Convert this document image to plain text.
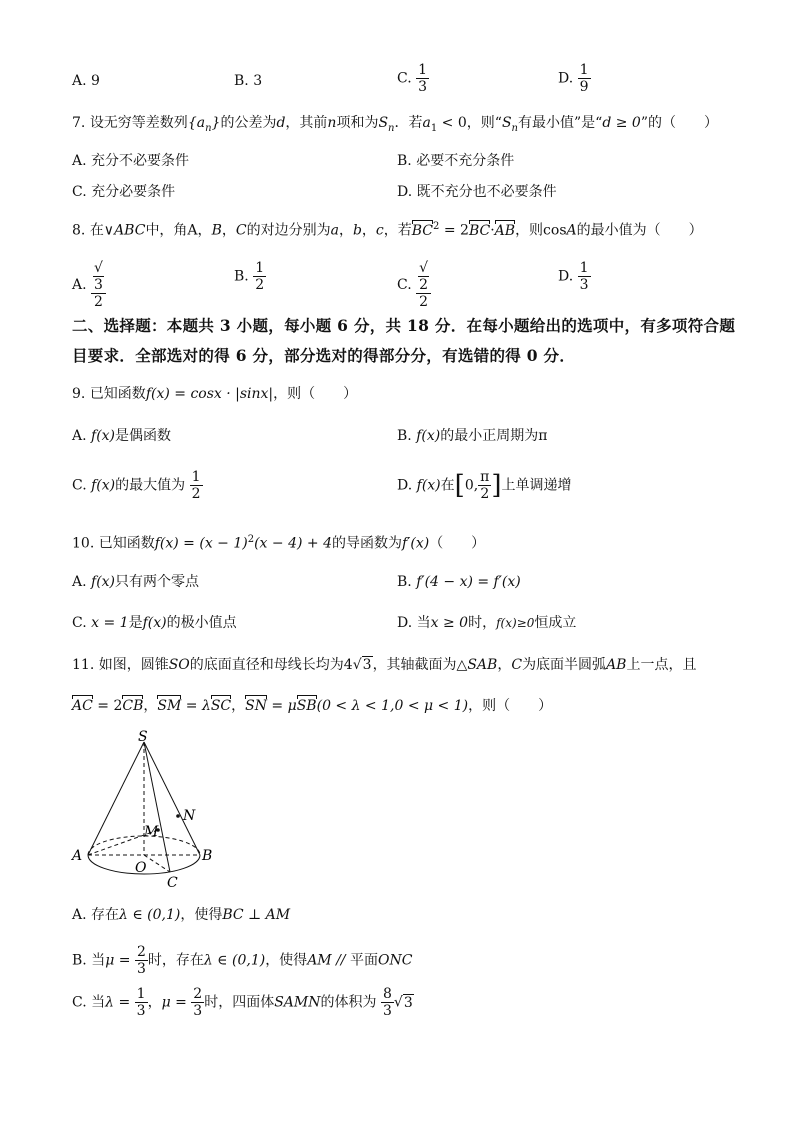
A. 9	B. 3	C. $\frac{1}{3}$	D. $\frac{1}{9}$
7. 设无穷等差数列$\{a_n\}$的公差为d，其前n项和为$S_n$．若$a_1 < 0$，则“$S_n$有最小值”是“d ≥ 0”的（　　）
A. 充分不必要条件	B. 必要不充分条件
C. 充分必要条件	D. 既不充分也不必要条件
8. 在∨ABC中，角A，B，C的对边分别为a，b，c，若$BC^2 = 2BC\cdot AB$，则cosA的最小值为（　　）
A. √
3
2	B. $\frac{1}{2}$	C. √
2
2	D. $\frac{1}{3}$
二、选择题：本题共 3 小题，每小题 6 分，共 18 分．在每小题给出的选项中，有多项符合题
目要求．全部选对的得 6 分，部分选对的得部分分，有选错的得 0 分．
9. 已知函数f(x) = cosx · |sinx|，则（　　）
A. f(x)是偶函数	B. f(x)的最小正周期为π
C. f(x)的最大值为 $\frac{1}{2}$	D. f(x)在[0, $\frac{\pi}{2}$ ]上单调递增
10. 已知函数$f(x) = (x - 1)^2(x - 4) + 4$的导函数为f′(x)（　　）
A. f(x)只有两个零点	B. f′(4 − x) = f′(x)
C. x = 1是f(x)的极小值点	D. 当x ≥ 0时，f(x)≥0恒成立
11. 如图，圆锥SO的底面直径和母线长均为4√3，其轴截面为△SAB，C为底面半圆弧AB上一点，且
AC = 2CB，SM = λSC，SN = μSB(0 < λ < 1,0 < μ < 1)，则（　　）
S
N
M
A
O
B
C
A. 存在λ ∈ (0,1)，使得BC ⊥ AM
B. 当$\mu = \frac{2}{3}$ 时，存在λ ∈ (0,1)，使得AM // 平面ONC
C. 当$\lambda = \frac{1}{3}$ ，$\mu = \frac{2}{3}$ 时，四面体SAMN的体积为 $\frac{8}{3} √3$
